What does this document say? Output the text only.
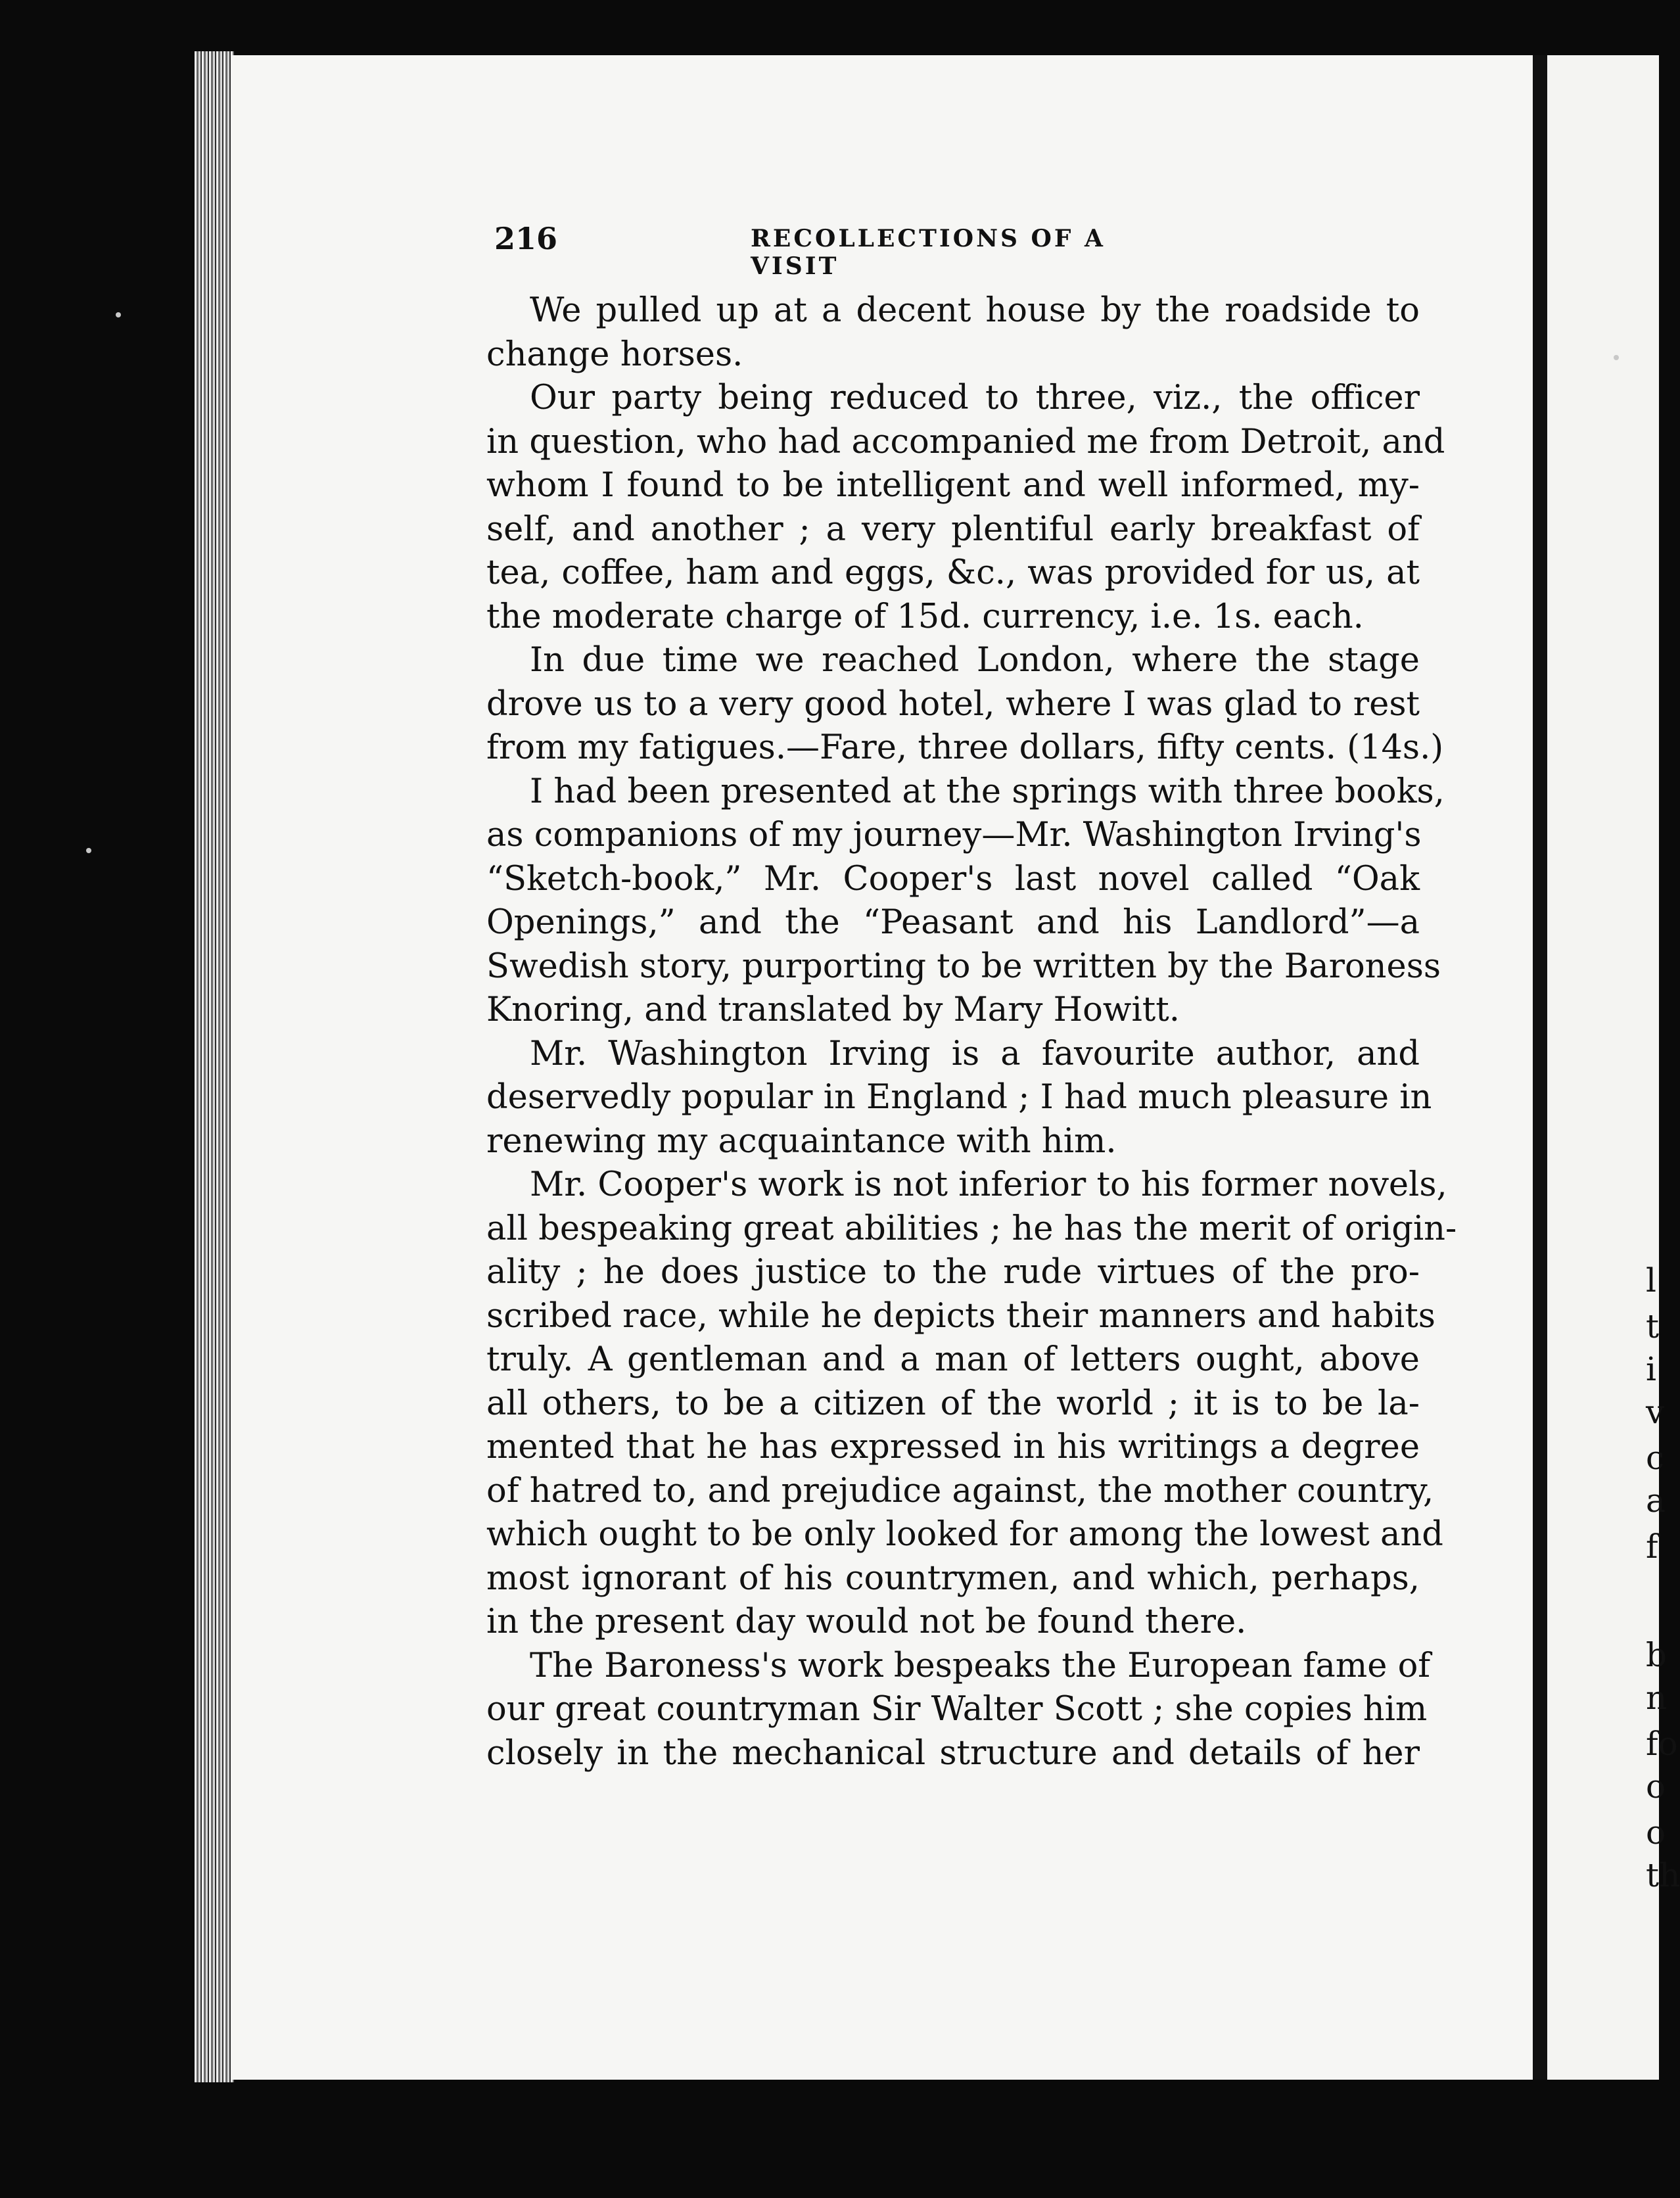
l
t
i
v
c
a
f
b
n
fo
o
o
th
216	RECOLLECTIONS OF A VISIT
We pulled up at a decent house by the roadside to
change horses.
Our party being reduced to three, viz., the officer
in question, who had accompanied me from Detroit, and
whom I found to be intelligent and well informed, my-
self, and another ; a very plentiful early breakfast of
tea, coffee, ham and eggs, &c., was provided for us, at
the moderate charge of 15d. currency, i.e. 1s. each.
In due time we reached London, where the stage
drove us to a very good hotel, where I was glad to rest
from my fatigues.—Fare, three dollars, fifty cents. (14s.)
I had been presented at the springs with three books,
as companions of my journey—Mr. Washington Irving's
“Sketch-book,” Mr. Cooper's last novel called “Oak
Openings,” and the “Peasant and his Landlord”—a
Swedish story, purporting to be written by the Baroness
Knoring, and translated by Mary Howitt.
Mr. Washington Irving is a favourite author, and
deservedly popular in England ; I had much pleasure in
renewing my acquaintance with him.
Mr. Cooper's work is not inferior to his former novels,
all bespeaking great abilities ; he has the merit of origin-
ality ; he does justice to the rude virtues of the pro-
scribed race, while he depicts their manners and habits
truly. A gentleman and a man of letters ought, above
all others, to be a citizen of the world ; it is to be la-
mented that he has expressed in his writings a degree
of hatred to, and prejudice against, the mother country,
which ought to be only looked for among the lowest and
most ignorant of his countrymen, and which, perhaps,
in the present day would not be found there.
The Baroness's work bespeaks the European fame of
our great countryman Sir Walter Scott ; she copies him
closely in the mechanical structure and details of her
